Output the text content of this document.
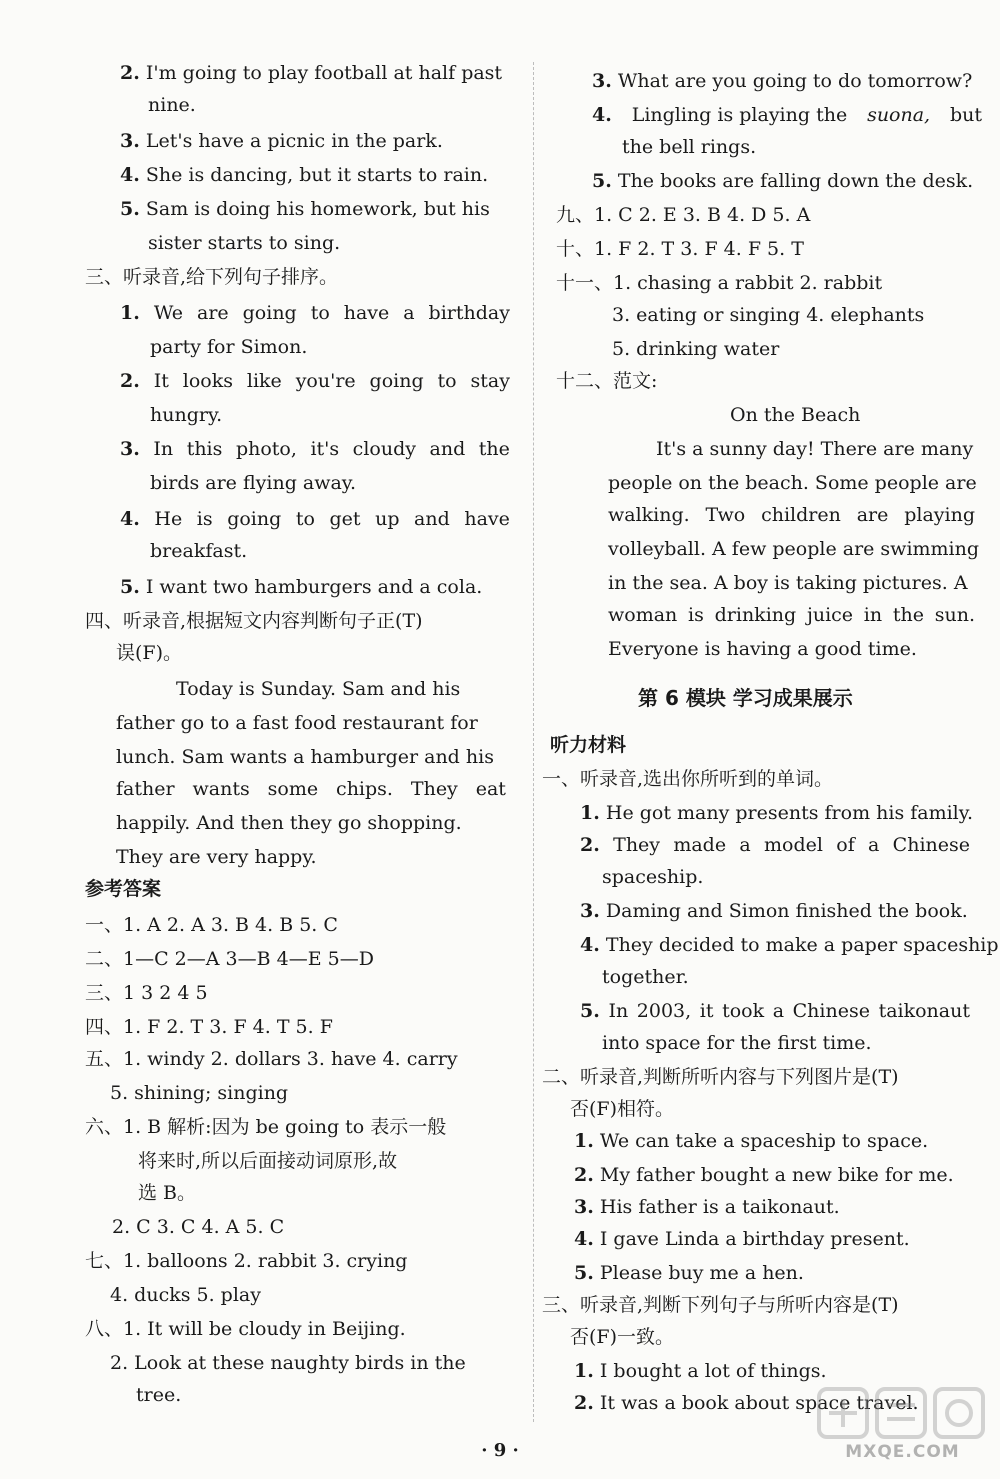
2. I'm going to play football at half past
nine.
3. Let's have a picnic in the park.
4. She is dancing, but it starts to rain.
5. Sam is doing his homework, but his
sister starts to sing.
三、听录音,给下列句子排序。
1. We are going to have a birthday
party for Simon.
2. It looks like you're going to stay
hungry.
3. In this photo, it's cloudy and the
birds are flying away.
4. He is going to get up and have
breakfast.
5. I want two hamburgers and a cola.
四、听录音,根据短文内容判断句子正(T)
误(F)。
Today is Sunday. Sam and his
father go to a fast food restaurant for
lunch. Sam wants a hamburger and his
father wants some chips. They eat
happily. And then they go shopping.
They are very happy.
参考答案
一、1. A 2. A 3. B 4. B 5. C
二、1—C 2—A 3—B 4—E 5—D
三、1 3 2 4 5
四、1. F 2. T 3. F 4. T 5. F
五、1. windy 2. dollars 3. have 4. carry
5. shining; singing
六、1. B 解析:因为 be going to 表示一般
将来时,所以后面接动词原形,故
选 B。
2. C 3. C 4. A 5. C
七、1. balloons 2. rabbit 3. crying
4. ducks 5. play
八、1. It will be cloudy in Beijing.
2. Look at these naughty birds in the
tree.
3. What are you going to do tomorrow?
4. Lingling is playing the suona, but
the bell rings.
5. The books are falling down the desk.
九、1. C 2. E 3. B 4. D 5. A
十、1. F 2. T 3. F 4. F 5. T
十一、1. chasing a rabbit 2. rabbit
3. eating or singing 4. elephants
5. drinking water
十二、范文:
On the Beach
It's a sunny day! There are many
people on the beach. Some people are
walking. Two children are playing
volleyball. A few people are swimming
in the sea. A boy is taking pictures. A
woman is drinking juice in the sun.
Everyone is having a good time.
第 6 模块 学习成果展示
听力材料
一、听录音,选出你所听到的单词。
1. He got many presents from his family.
2. They made a model of a Chinese
spaceship.
3. Daming and Simon finished the book.
4. They decided to make a paper spaceship
together.
5. In 2003, it took a Chinese taikonaut
into space for the first time.
二、听录音,判断所听内容与下列图片是(T)
否(F)相符。
1. We can take a spaceship to space.
2. My father bought a new bike for me.
3. His father is a taikonaut.
4. I gave Linda a birthday present.
5. Please buy me a hen.
三、听录音,判断下列句子与所听内容是(T)
否(F)一致。
1. I bought a lot of things.
2. It was a book about space travel.
· 9 ·	MXQE.COM
